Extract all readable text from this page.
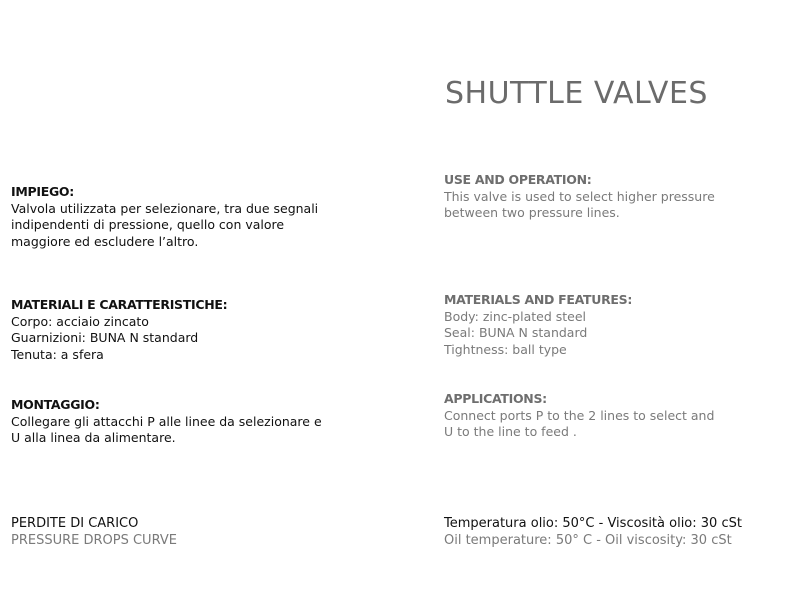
SHUTTLE VALVES
IMPIEGO:
Valvola utilizzata per selezionare, tra due segnali
indipendenti di pressione, quello con valore
maggiore ed escludere l’altro.
MATERIALI E CARATTERISTICHE:
Corpo: acciaio zincato
Guarnizioni: BUNA N standard
Tenuta: a sfera
MONTAGGIO:
Collegare gli attacchi P alle linee da selezionare e
U alla linea da alimentare.
PERDITE DI CARICO
PRESSURE DROPS CURVE
USE AND OPERATION:
This valve is used to select higher pressure
between two pressure lines.
MATERIALS AND FEATURES:
Body: zinc-plated steel
Seal: BUNA N standard
Tightness: ball type
APPLICATIONS:
Connect ports P to the 2 lines to select and
U to the line to feed .
Temperatura olio: 50°C - Viscosità olio: 30 cSt
Oil temperature: 50° C - Oil viscosity: 30 cSt
